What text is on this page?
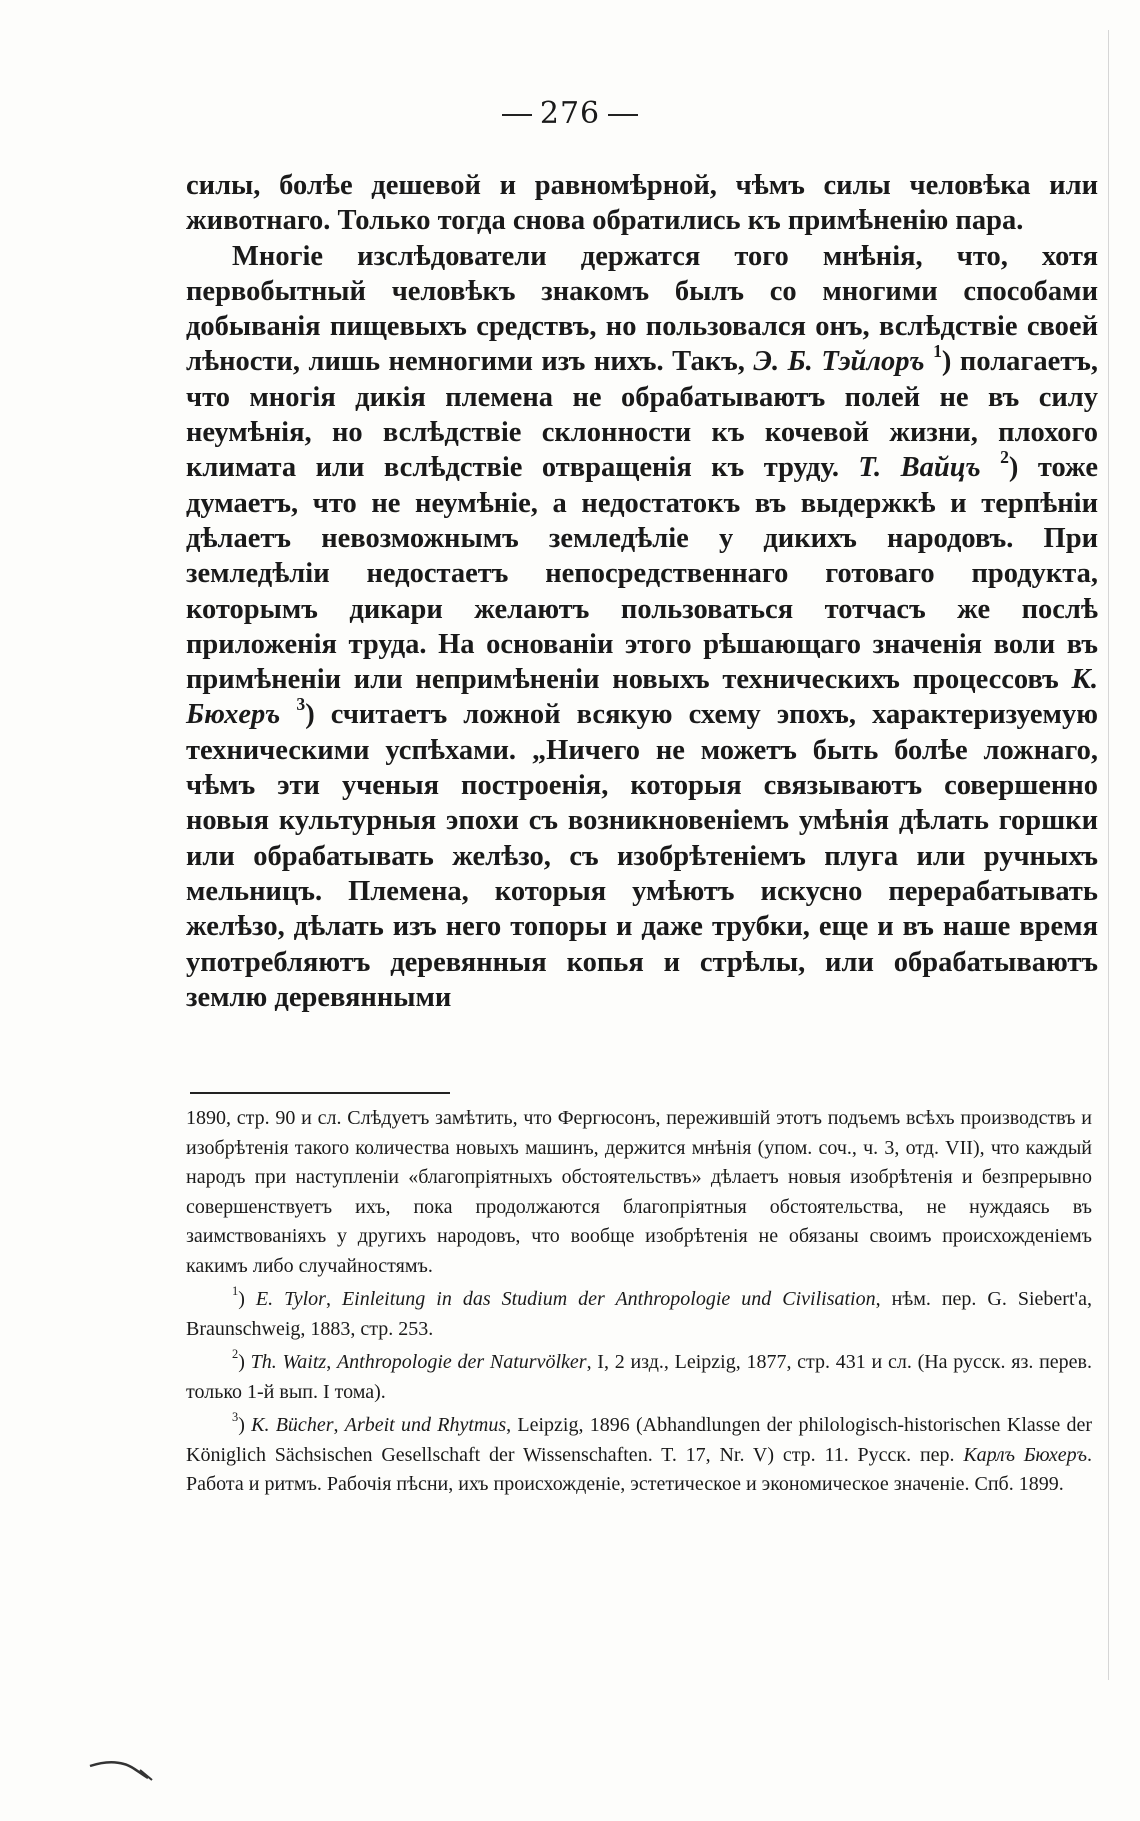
276

силы, болѣе дешевой и равномѣрной, чѣмъ силы человѣка или животнаго. Только тогда снова обратились къ примѣненію пара.

Многіе изслѣдователи держатся того мнѣнія, что, хотя первобытный человѣкъ знакомъ былъ со многими способами добыванія пищевыхъ средствъ, но пользовался онъ, вслѣдствіе своей лѣности, лишь немногими изъ нихъ. Такъ, Э. Б. Тэйлоръ $^1$) полагаетъ, что многія дикія племена не обрабатываютъ полей не въ силу неумѣнія, но вслѣдствіе склонности къ кочевой жизни, плохого климата или вслѣдствіе отвращенія къ труду. Т. Вайцъ $^2$) тоже думаетъ, что не неумѣніе, а недостатокъ въ выдержкѣ и терпѣніи дѣлаетъ невозможнымъ земледѣліе у дикихъ народовъ. При земледѣліи недостаетъ непосредственнаго готоваго продукта, которымъ дикари желаютъ пользоваться тотчасъ же послѣ приложенія труда. На основаніи этого рѣшающаго значенія воли въ примѣненіи или непримѣненіи новыхъ техническихъ процессовъ К. Бюхеръ $^3$) считаетъ ложной всякую схему эпохъ, характеризуемую техническими успѣхами. „Ничего не можетъ быть болѣе ложнаго, чѣмъ эти ученыя построенія, которыя связываютъ совершенно новыя культурныя эпохи съ возникновеніемъ умѣнія дѣлать горшки или обрабатывать желѣзо, съ изобрѣтеніемъ плуга или ручныхъ мельницъ. Племена, которыя умѣютъ искусно перерабатывать желѣзо, дѣлать изъ него топоры и даже трубки, еще и въ наше время употребляютъ деревянныя копья и стрѣлы, или обрабатываютъ землю деревянными

1890, стр. 90 и сл. Слѣдуетъ замѣтить, что Фергюсонъ, пережившій этотъ подъемъ всѣхъ производствъ и изобрѣтенія такого количества новыхъ машинъ, держится мнѣнія (упом. соч., ч. 3, отд. VII), что каждый народъ при наступленіи «благопріятныхъ обстоятельствъ» дѣлаетъ новыя изобрѣтенія и безпрерывно совершенствуетъ ихъ, пока продолжаются благопріятныя обстоятельства, не нуждаясь въ заимствованіяхъ у другихъ народовъ, что вообще изобрѣтенія не обязаны своимъ происхожденіемъ какимъ либо случайностямъ.

$^1$) E. Tylor, Einleitung in das Studium der Anthropologie und Civilisation, нѣм. пер. G. Siebert'a, Braunschweig, 1883, стр. 253.

$^2$) Th. Waitz, Anthropologie der Naturvölker, I, 2 изд., Leipzig, 1877, стр. 431 и сл. (На русск. яз. перев. только 1-й вып. I тома).

$^3$) K. Bücher, Arbeit und Rhytmus, Leipzig, 1896 (Abhandlungen der philologisch-historischen Klasse der Königlich Sächsischen Gesellschaft der Wissenschaften. T. 17, Nr. V) стр. 11. Русск. пер. Карлъ Бюхеръ. Работа и ритмъ. Рабочія пѣсни, ихъ происхожденіе, эстетическое и экономическое значеніе. Спб. 1899.
